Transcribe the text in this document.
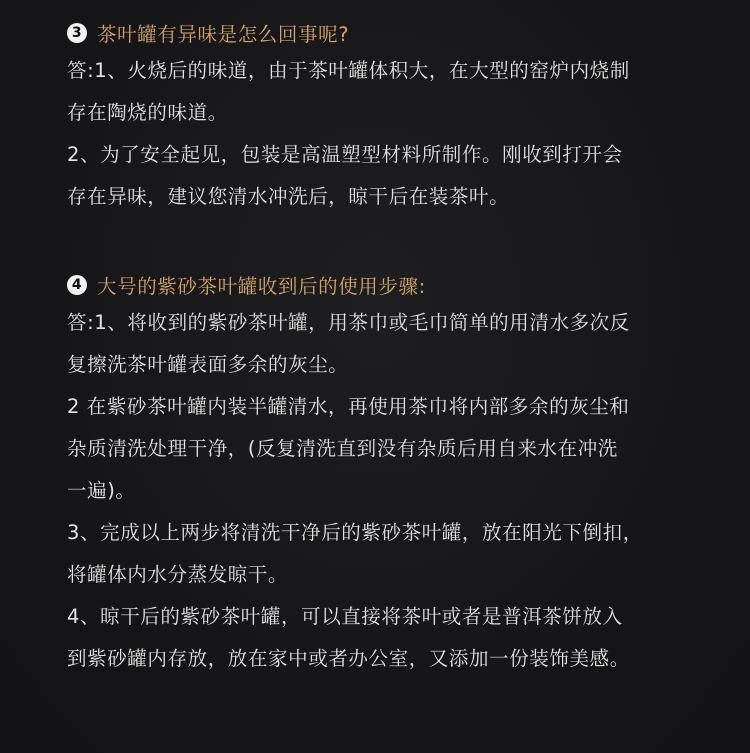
3 茶叶罐有异味是怎么回事呢?
答:1、火烧后的味道，由于茶叶罐体积大，在大型的窑炉内烧制
存在陶烧的味道。
2、为了安全起见，包装是高温塑型材料所制作。刚收到打开会
存在异味，建议您清水冲洗后，晾干后在装茶叶。
4 大号的紫砂茶叶罐收到后的使用步骤:
答:1、将收到的紫砂茶叶罐，用茶巾或毛巾简单的用清水多次反
复擦洗茶叶罐表面多余的灰尘。
2 在紫砂茶叶罐内装半罐清水，再使用茶巾将内部多余的灰尘和
杂质清洗处理干净，(反复清洗直到没有杂质后用自来水在冲洗
一遍)。
3、完成以上两步将清洗干净后的紫砂茶叶罐，放在阳光下倒扣，
将罐体内水分蒸发晾干。
4、晾干后的紫砂茶叶罐，可以直接将茶叶或者是普洱茶饼放入
到紫砂罐内存放，放在家中或者办公室，又添加一份装饰美感。
